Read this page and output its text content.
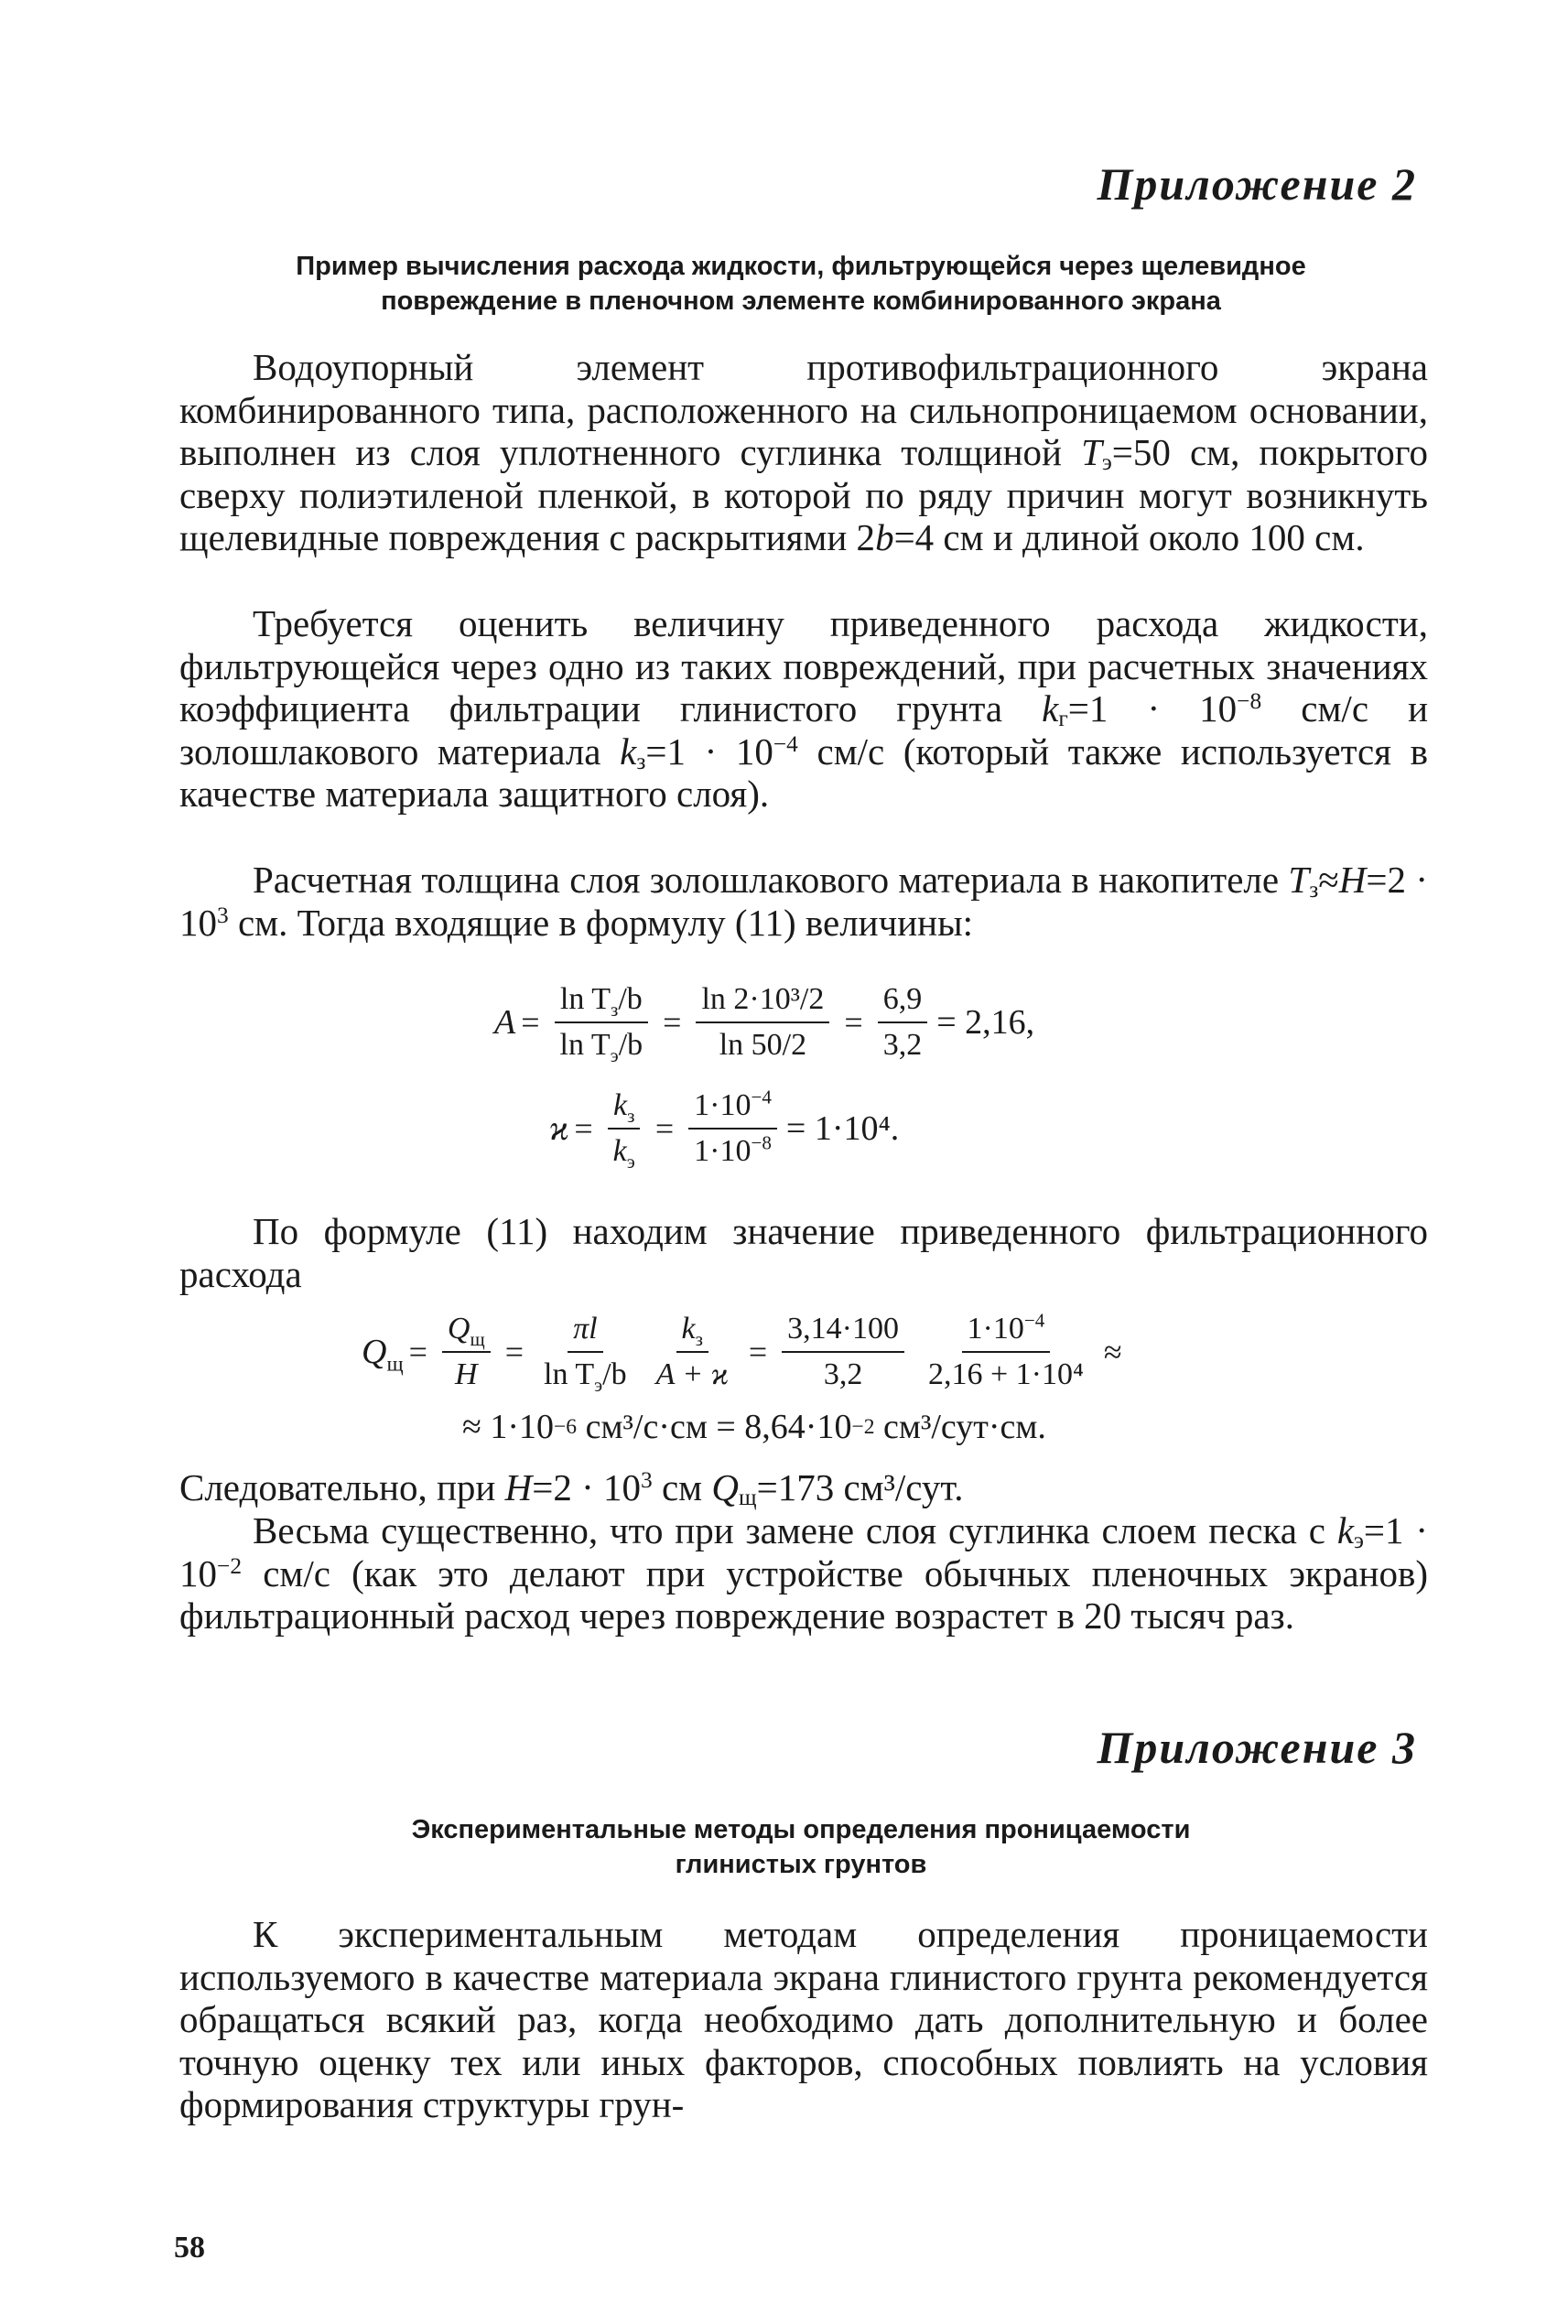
Приложение 2
Пример вычисления расхода жидкости, фильтрующейся через щелевидное
повреждение в пленочном элементе комбинированного экрана

Водоупорный элемент противофильтрационного экрана комбинированного типа, расположенного на сильнопроницаемом основании, выполнен из слоя уплотненного суглинка толщиной $T_э=50$ см, покрытого сверху полиэтиленой пленкой, в которой по ряду причин могут возникнуть щелевидные повреждения с раскрытиями 2b=4 см и длиной около 100 см.

Требуется оценить величину приведенного расхода жидкости, фильтрующейся через одно из таких повреждений, при расчетных значениях коэффициента фильтрации глинистого грунта $k_г=1 \cdot 10^{-8}$ см/с и золошлакового материала $k_з=1 \cdot 10^{-4}$ см/с (который также используется в качестве материала защитного слоя).

Расчетная толщина слоя золошлакового материала в накопителе $T_з\approx H=2 \cdot 10^3$ см. Тогда входящие в формулу (11) величины:

$A = \frac{\ln T_з/b}{\ln T_э/b} = \frac{\text{ln 2·10³/2}}{\ln 50/2} = \frac{6,9}{3,2} = 2,16$,
$ϰ = \frac{k_з}{k_э} = \frac{1\cdot 10^{-4}}{1\cdot 10^{-8}} = 1\cdot 10^4$.

По формуле (11) находим значение приведенного фильтрационного расхода

$Q_щ = \frac{Q_щ}{H} = \frac{\pi l}{\ln T_э/b} \frac{k_з}{A + ϰ} = \frac{3,14\cdot 100}{3,2} \frac{1\cdot 10^{-4}}{\text{2,16 + 1·10⁴}}$ ≈
≈ 1·10 −6
см³/с·см = 8,64·10 −2
см³/сут·см.

Следовательно, при $H=2 \cdot 10^3$ см $Q_щ=173$ см³/сут.

Весьма существенно, что при замене слоя суглинка слоем песка с $k_э=1 \cdot 10^{-2}$ см/с (как это делают при устройстве обычных пленочных экранов) фильтрационный расход через повреждение возрастет в 20 тысяч раз.

Приложение 3
Экспериментальные методы определения проницаемости
глинистых грунтов

К экспериментальным методам определения проницаемости используемого в качестве материала экрана глинистого грунта рекомендуется обращаться всякий раз, когда необходимо дать дополнительную и более точную оценку тех или иных факторов, способных повлиять на условия формирования структуры грун-

58
